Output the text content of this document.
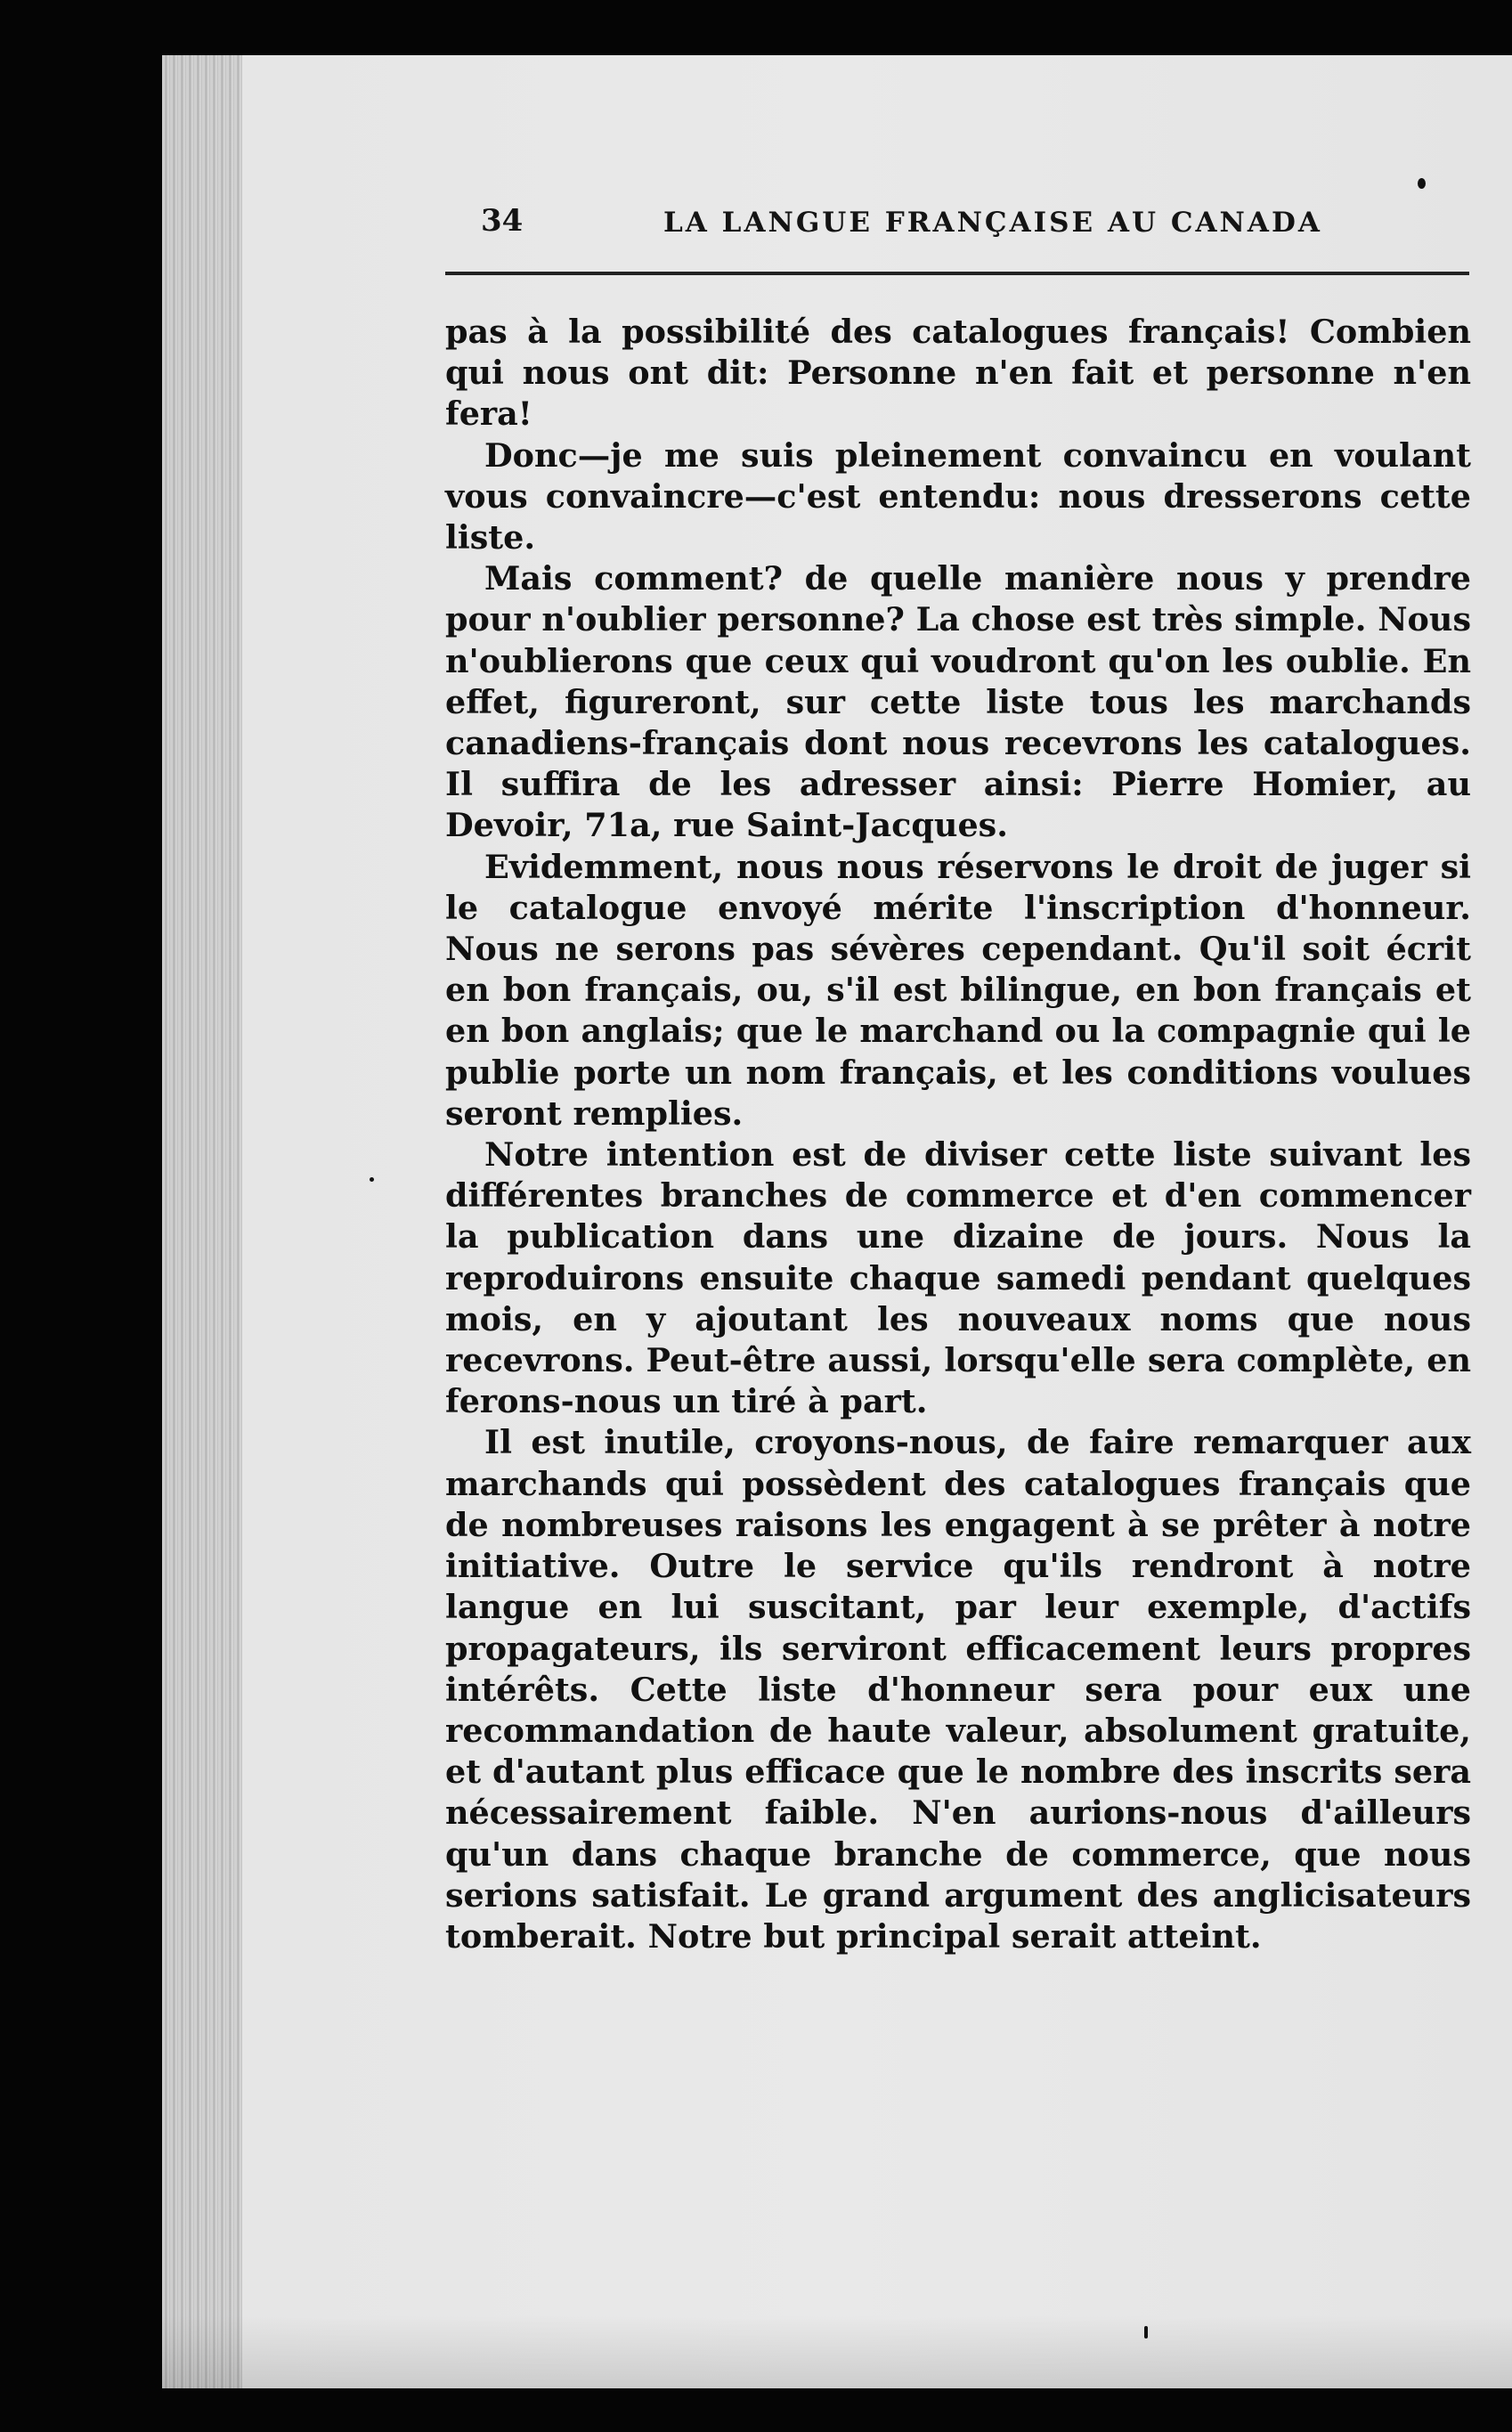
34	LA LANGUE FRANÇAISE AU CANADA

pas à la possibilité des catalogues français! Combien qui nous ont dit: Personne n'en fait et personne n'en fera!

Donc—je me suis pleinement convaincu en voulant vous convaincre—c'est entendu: nous dresserons cette liste.

Mais comment? de quelle manière nous y prendre pour n'oublier personne? La chose est très simple. Nous n'oublierons que ceux qui voudront qu'on les oublie. En effet, figureront, sur cette liste tous les marchands canadiens-français dont nous recevrons les catalogues. Il suffira de les adresser ainsi: Pierre Homier, au Devoir, 71a, rue Saint-Jacques.

Evidemment, nous nous réservons le droit de juger si le catalogue envoyé mérite l'inscription d'honneur. Nous ne serons pas sévères cependant. Qu'il soit écrit en bon français, ou, s'il est bilingue, en bon français et en bon anglais; que le marchand ou la compagnie qui le publie porte un nom français, et les conditions voulues seront remplies.

Notre intention est de diviser cette liste suivant les différentes branches de commerce et d'en commencer la publication dans une dizaine de jours. Nous la reproduirons ensuite chaque samedi pendant quelques mois, en y ajoutant les nouveaux noms que nous recevrons. Peut-être aussi, lorsqu'elle sera complète, en ferons-nous un tiré à part.

Il est inutile, croyons-nous, de faire remarquer aux marchands qui possèdent des catalogues français que de nombreuses raisons les engagent à se prêter à notre initiative. Outre le service qu'ils rendront à notre langue en lui suscitant, par leur exemple, d'actifs propagateurs, ils serviront efficacement leurs propres intérêts. Cette liste d'honneur sera pour eux une recommandation de haute valeur, absolument gratuite, et d'autant plus efficace que le nombre des inscrits sera nécessairement faible. N'en aurions-nous d'ailleurs qu'un dans chaque branche de commerce, que nous serions satisfait. Le grand argument des anglicisateurs tomberait. Notre but principal serait atteint.
